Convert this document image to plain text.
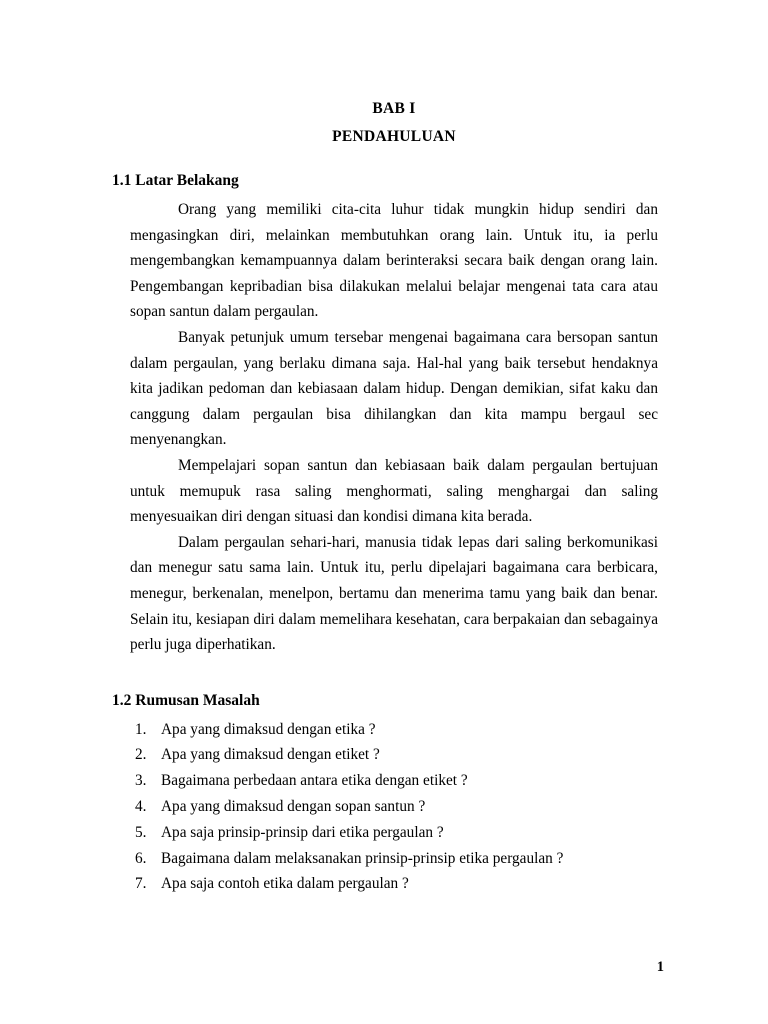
BAB I
PENDAHULUAN
1.1 Latar Belakang

Orang yang memiliki cita-cita luhur tidak mungkin hidup sendiri dan mengasingkan diri, melainkan membutuhkan orang lain. Untuk itu, ia perlu mengembangkan kemampuannya dalam berinteraksi secara baik dengan orang lain. Pengembangan kepribadian bisa dilakukan melalui belajar mengenai tata cara atau sopan santun dalam pergaulan.

Banyak petunjuk umum tersebar mengenai bagaimana cara bersopan santun dalam pergaulan, yang berlaku dimana saja. Hal-hal yang baik tersebut hendaknya kita jadikan pedoman dan kebiasaan dalam hidup. Dengan demikian, sifat kaku dan canggung dalam pergaulan bisa dihilangkan dan kita mampu bergaul sec menyenangkan.

Mempelajari sopan santun dan kebiasaan baik dalam pergaulan bertujuan untuk memupuk rasa saling menghormati, saling menghargai dan saling menyesuaikan diri dengan situasi dan kondisi dimana kita berada.

Dalam pergaulan sehari-hari, manusia tidak lepas dari saling berkomunikasi dan menegur satu sama lain. Untuk itu, perlu dipelajari bagaimana cara berbicara, menegur, berkenalan, menelpon, bertamu dan menerima tamu yang baik dan benar. Selain itu, kesiapan diri dalam memelihara kesehatan, cara berpakaian dan sebagainya perlu juga diperhatikan.

1.2 Rumusan Masalah
1. Apa yang dimaksud dengan etika ?
2. Apa yang dimaksud dengan etiket ?
3. Bagaimana perbedaan antara etika dengan etiket ?
4. Apa yang dimaksud dengan sopan santun ?
5. Apa saja prinsip-prinsip dari etika pergaulan ?
6. Bagaimana dalam melaksanakan prinsip-prinsip etika pergaulan ?
7. Apa saja contoh etika dalam pergaulan ?
1
